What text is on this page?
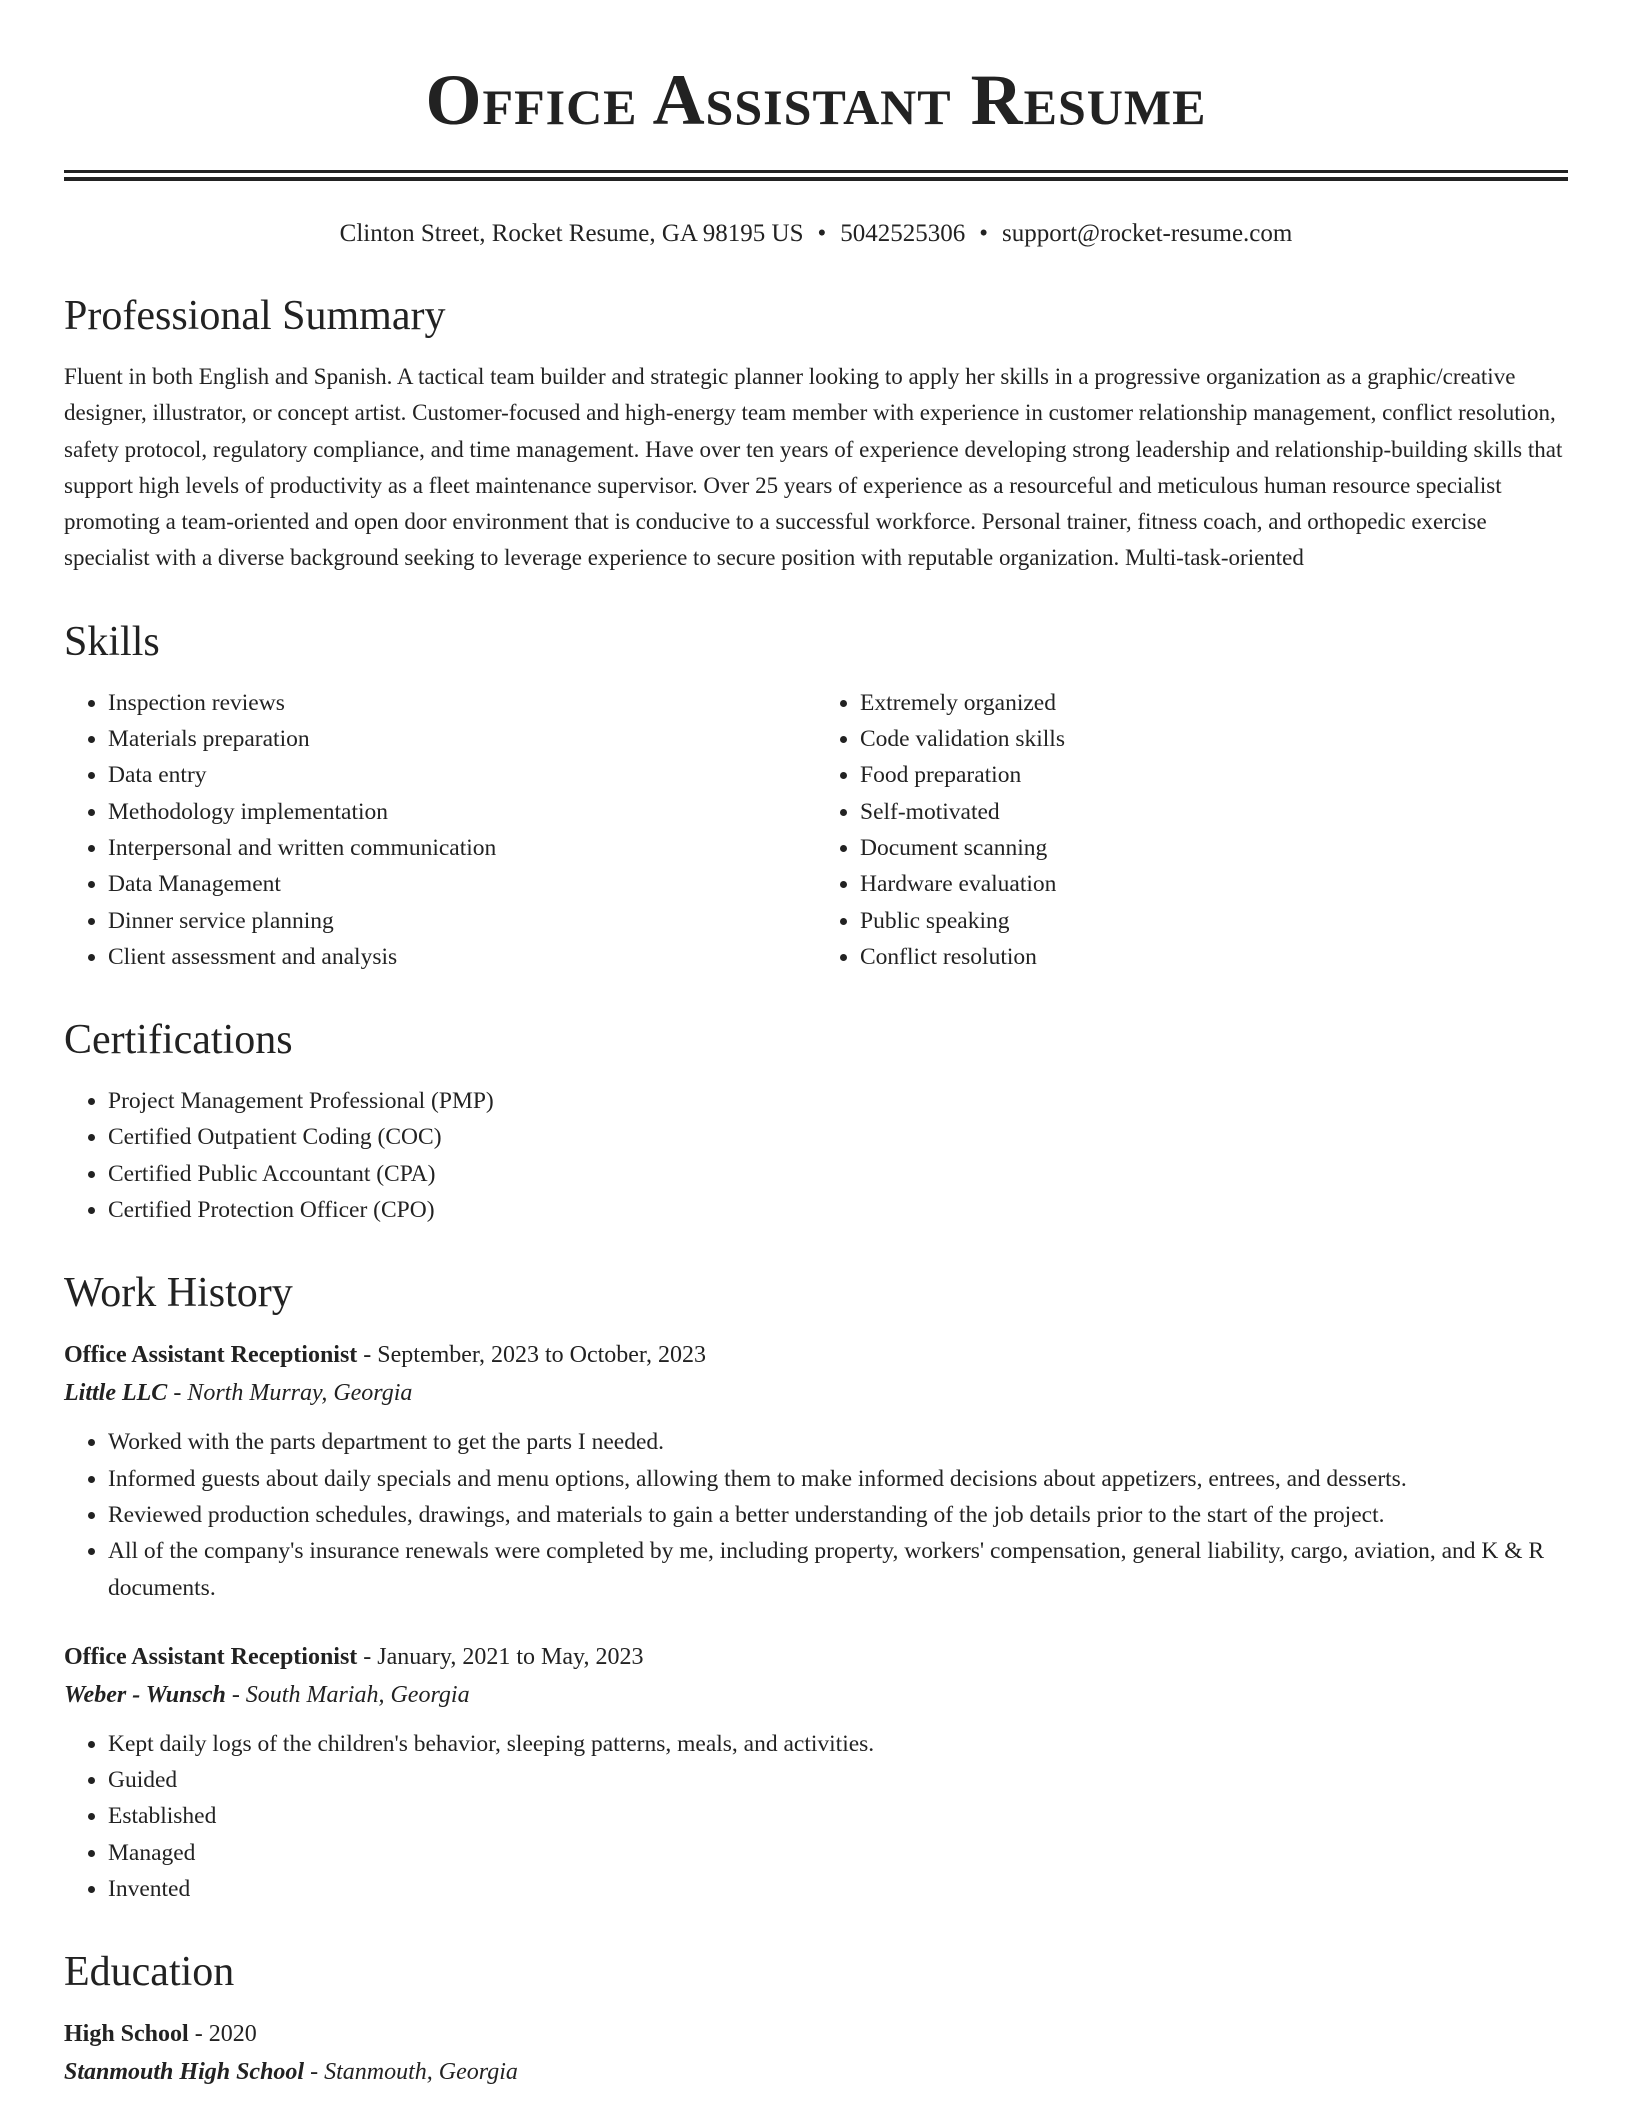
Office Assistant Resume
Clinton Street, Rocket Resume, GA 98195 US • 5042525306 • support@rocket-resume.com
Professional Summary

Fluent in both English and Spanish. A tactical team builder and strategic planner looking to apply her skills in a progressive organization as a graphic/creative designer, illustrator, or concept artist. Customer-focused and high-energy team member with experience in customer relationship management, conflict resolution, safety protocol, regulatory compliance, and time management. Have over ten years of experience developing strong leadership and relationship-building skills that support high levels of productivity as a fleet maintenance supervisor. Over 25 years of experience as a resourceful and meticulous human resource specialist promoting a team-oriented and open door environment that is conducive to a successful workforce. Personal trainer, fitness coach, and orthopedic exercise specialist with a diverse background seeking to leverage experience to secure position with reputable organization. Multi-task-oriented

Skills
• Inspection reviews
• Materials preparation
• Data entry
• Methodology implementation
• Interpersonal and written communication
• Data Management
• Dinner service planning
• Client assessment and analysis
• Extremely organized
• Code validation skills
• Food preparation
• Self-motivated
• Document scanning
• Hardware evaluation
• Public speaking
• Conflict resolution
Certifications
• Project Management Professional (PMP)
• Certified Outpatient Coding (COC)
• Certified Public Accountant (CPA)
• Certified Protection Officer (CPO)
Work History

Office Assistant Receptionist - September, 2023 to October, 2023

Little LLC - North Murray, Georgia

• Worked with the parts department to get the parts I needed.
• Informed guests about daily specials and menu options, allowing them to make informed decisions about appetizers, entrees, and desserts.
• Reviewed production schedules, drawings, and materials to gain a better understanding of the job details prior to the start of the project.
• All of the company's insurance renewals were completed by me, including property, workers' compensation, general liability, cargo, aviation, and K & R documents.

Office Assistant Receptionist - January, 2021 to May, 2023

Weber - Wunsch - South Mariah, Georgia

• Kept daily logs of the children's behavior, sleeping patterns, meals, and activities.
• Guided
• Established
• Managed
• Invented
Education

High School - 2020

Stanmouth High School - Stanmouth, Georgia
